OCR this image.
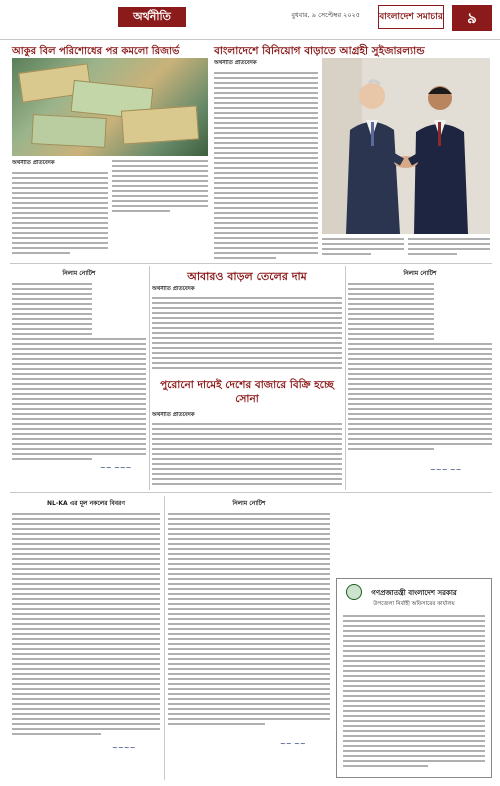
অর্থনীতি	বুধবার, ৯ সেপ্টেম্বর ২০২৫ বাংলাদেশ সমাচার	৯
আকুর বিল পরিশোধের পর কমলো রিজার্ভ	বাংলাদেশে বিনিয়োগ বাড়াতে আগ্রহী সুইজারল্যান্ড
অর্থনীতি প্রতিবেদক
অর্থনীতি প্রতিবেদক
নিলাম নোটিশ
~~ ~~~
আবারও বাড়ল তেলের দাম
অর্থনীতি প্রতিবেদক
পুরোনো দামেই দেশের বাজারে বিক্রি হচ্ছে সোনা
অর্থনীতি প্রতিবেদক
নিলাম নোটিশ
~~~ ~~
NL-KA এর মূল নকলের বিবরণ
~~~~
নিলাম নোটিশ
~~ ~~
গণপ্রজাতন্ত্রী বাংলাদেশ সরকার
উপজেলা নির্বাহী অফিসারের কার্যালয়
